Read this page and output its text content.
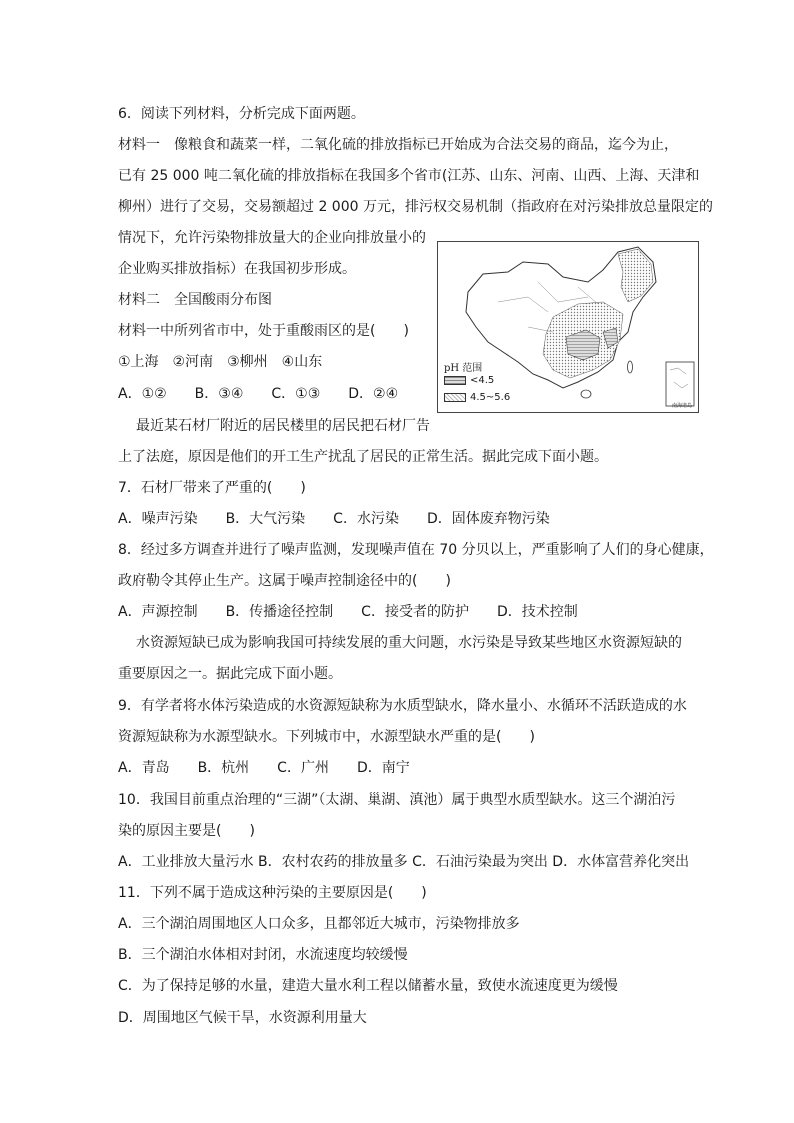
6．阅读下列材料，分析完成下面两题。
材料一　像粮食和蔬菜一样，二氧化硫的排放指标已开始成为合法交易的商品，迄今为止，
已有 25 000 吨二氧化硫的排放指标在我国多个省市(江苏、山东、河南、山西、上海、天津和
柳州）进行了交易，交易额超过 2 000 万元，排污权交易机制（指政府在对污染排放总量限定的
情况下，允许污染物排放量大的企业向排放量小的
企业购买排放指标）在我国初步形成。
材料二　全国酸雨分布图
材料一中所列省市中，处于重酸雨区的是(　　)
①上海　②河南　③柳州　④山东
A．①②　　B．③④　　C．①③　　D．②④
最近某石材厂附近的居民楼里的居民把石材厂告
上了法庭，原因是他们的开工生产扰乱了居民的正常生活。据此完成下面小题。
7．石材厂带来了严重的(　　)
A．噪声污染　　B．大气污染　　C．水污染　　D．固体废弃物污染
8．经过多方调查并进行了噪声监测，发现噪声值在 70 分贝以上，严重影响了人们的身心健康，
政府勒令其停止生产。这属于噪声控制途径中的(　　)
A．声源控制　　B．传播途径控制　　C．接受者的防护　　D．技术控制
水资源短缺已成为影响我国可持续发展的重大问题，水污染是导致某些地区水资源短缺的
重要原因之一。据此完成下面小题。
9．有学者将水体污染造成的水资源短缺称为水质型缺水，降水量小、水循环不活跃造成的水
资源短缺称为水源型缺水。下列城市中，水源型缺水严重的是(　　)
A．青岛　　B．杭州　　C．广州　　D．南宁
10．我国目前重点治理的“三湖”（太湖、巢湖、滇池）属于典型水质型缺水。这三个湖泊污
染的原因主要是(　　)
A．工业排放大量污水 B．农村农药的排放量多 C．石油污染最为突出 D．水体富营养化突出
11．下列不属于造成这种污染的主要原因是(　　)
A．三个湖泊周围地区人口众多，且都邻近大城市，污染物排放多
B．三个湖泊水体相对封闭，水流速度均较缓慢
C．为了保持足够的水量，建造大量水利工程以储蓄水量，致使水流速度更为缓慢
D．周围地区气候干旱，水资源利用量大
pH 范围
<4.5
4.5~5.6
南海诸岛
